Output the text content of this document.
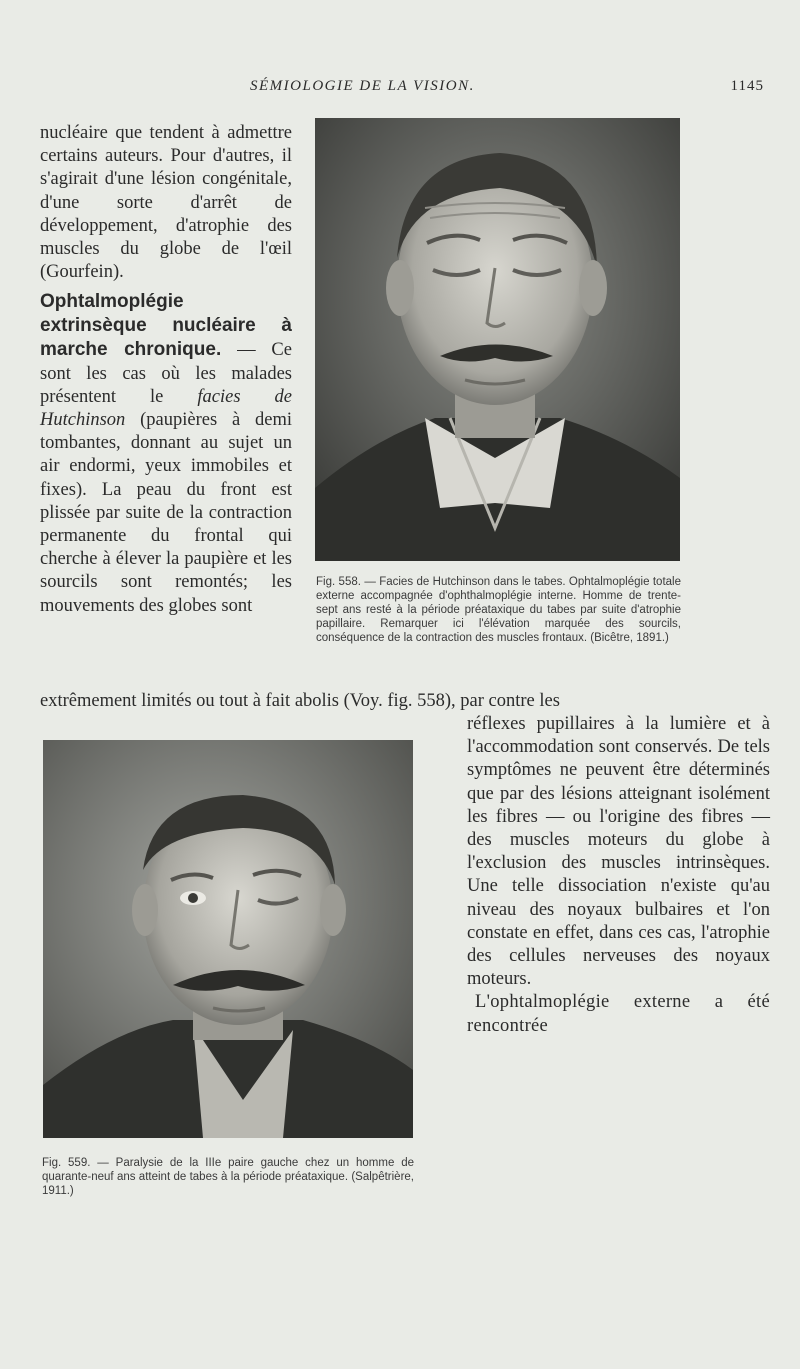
SÉMIOLOGIE DE LA VISION.	1145

nucléaire que tendent à admettre certains auteurs. Pour d'autres, il s'agirait d'une lésion congénitale, d'une sorte d'arrêt de développement, d'atrophie des muscles du globe de l'œil (Gourfein).

Ophtalmoplégie extrinsèque nucléaire à marche chronique. — Ce sont les cas où les malades présentent le facies de Hutchinson (paupières à demi tombantes, donnant au sujet un air endormi, yeux immobiles et fixes). La peau du front est plissée par suite de la contraction permanente du frontal qui cherche à élever la paupière et les sourcils sont remontés; les mouvements des globes sont

Fig. 558. — Facies de Hutchinson dans le tabes. Ophtalmoplégie totale externe accompagnée d'ophthalmoplégie interne. Homme de trente-sept ans resté à la période préataxique du tabes par suite d'atrophie papillaire. Remarquer ici l'élévation marquée des sourcils, conséquence de la contraction des muscles frontaux. (Bicêtre, 1891.)
extrêmement limités ou tout à fait abolis (Voy. fig. 558), par contre les
Fig. 559. — Paralysie de la IIIe paire gauche chez un homme de quarante-neuf ans atteint de tabes à la période préataxique. (Salpêtrière, 1911.)

réflexes pupillaires à la lumière et à l'accommodation sont conservés. De tels symptômes ne peuvent être déterminés que par des lésions atteignant isolément les fibres — ou l'origine des fibres — des muscles moteurs du globe à l'exclusion des muscles intrinsèques. Une telle dissociation n'existe qu'au niveau des noyaux bulbaires et l'on constate en effet, dans ces cas, l'atrophie des cellules nerveuses des noyaux moteurs.

L'ophtalmoplégie externe a été rencontrée
